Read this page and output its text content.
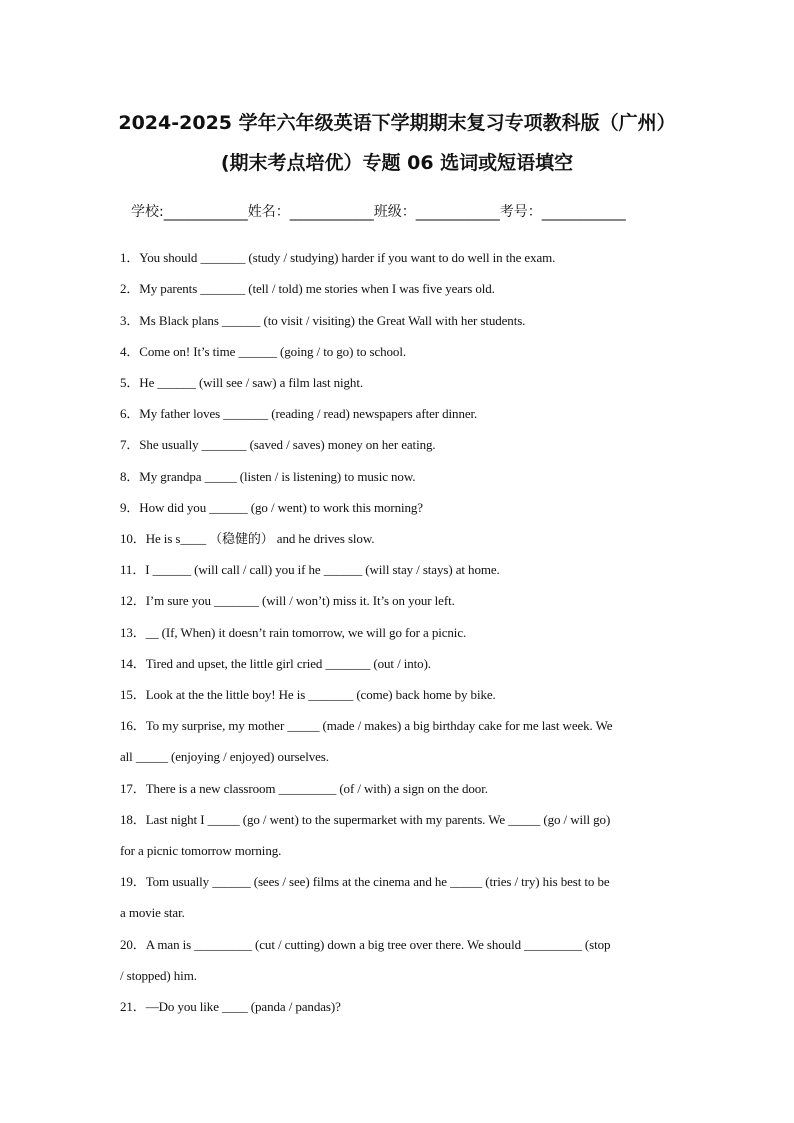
2024-2025 学年六年级英语下学期期末复习专项教科版（广州）
(期末考点培优）专题 06 选词或短语填空
学校: ____________ 姓名： ____________ 班级： ____________ 考号： ____________
1．You should _______ (study / studying) harder if you want to do well in the exam.
2．My parents _______ (tell / told) me stories when I was five years old.
3．Ms Black plans ______ (to visit / visiting) the Great Wall with her students.
4．Come on! It’s time ______ (going / to go) to school.
5．He ______ (will see / saw) a film last night.
6．My father loves _______ (reading / read) newspapers after dinner.
7．She usually _______ (saved / saves) money on her eating.
8．My grandpa _____ (listen / is listening) to music now.
9．How did you ______ (go / went) to work this morning?
10．He is s____ （稳健的） and he drives slow.
11．I ______ (will call / call) you if he ______ (will stay / stays) at home.
12．I’m sure you _______ (will / won’t) miss it. It’s on your left.
13．__ (If, When) it doesn’t rain tomorrow, we will go for a picnic.
14．Tired and upset, the little girl cried _______ (out / into).
15．Look at the the little boy! He is _______ (come) back home by bike.
16．To my surprise, my mother _____ (made / makes) a big birthday cake for me last week. We
all _____ (enjoying / enjoyed) ourselves.
17．There is a new classroom _________ (of / with) a sign on the door.
18．Last night I _____ (go / went) to the supermarket with my parents. We _____ (go / will go)
for a picnic tomorrow morning.
19．Tom usually ______ (sees / see) films at the cinema and he _____ (tries / try) his best to be
a movie star.
20．A man is _________ (cut / cutting) down a big tree over there. We should _________ (stop
/ stopped) him.
21．—Do you like ____ (panda / pandas)?
